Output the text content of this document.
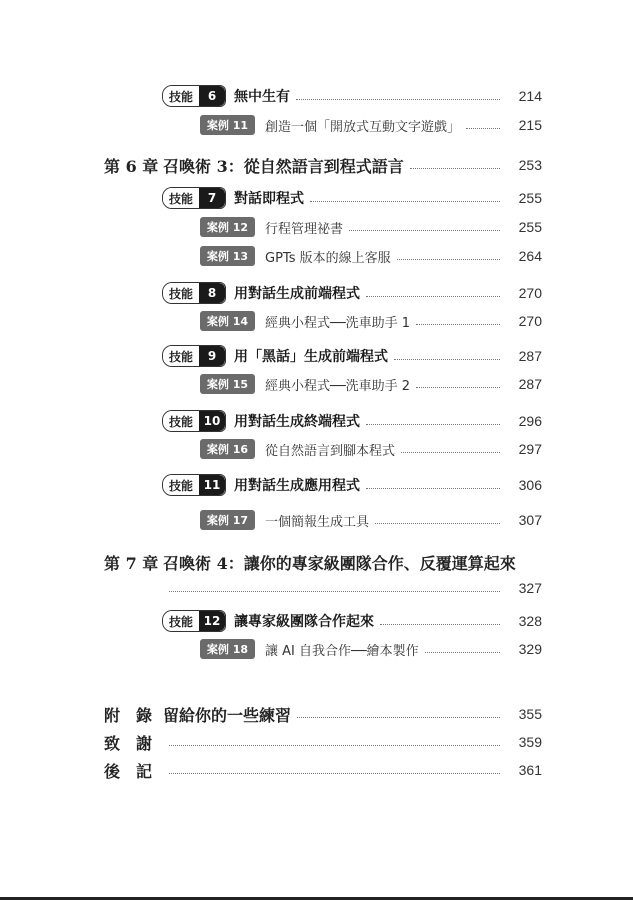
技能	6	無中生有	214
案例 11	創造一個「開放式互動文字遊戲」	215
第 6 章 召喚術 3：從自然語言到程式語言	253
技能	7	對話即程式	255
案例 12	行程管理祕書	255
案例 13	GPTs 版本的線上客服	264
技能	8	用對話生成前端程式	270
案例 14	經典小程式──洗車助手 1	270
技能	9	用「黑話」生成前端程式	287
案例 15	經典小程式──洗車助手 2	287
技能 10 用對話生成終端程式	296
案例 16	從自然語言到腳本程式	297
技能 11 用對話生成應用程式	306
案例 17	一個簡報生成工具	307
第 7 章 召喚術 4：讓你的專家級團隊合作、反覆運算起來
327
技能 12 讓專家級團隊合作起來	328
案例 18	讓 AI 自我合作──繪本製作	329
附　錄 留給你的一些練習	355
致　謝	359
後　記	361
